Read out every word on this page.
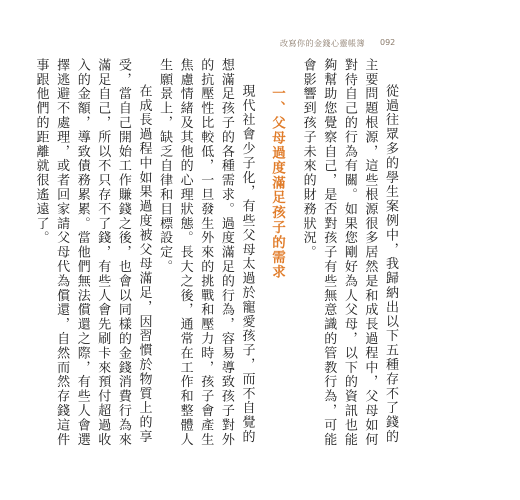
改寫你的金錢心靈帳簿 092

從過往眾多的學生案例中，我歸納出以下五種存不了錢的主要問題根源，這些根源很多居然是和成長過程中，父母如何對待自己的行為有關。如果您剛好為人父母，以下的資訊也能夠幫助您覺察自己，是否對孩子有些無意識的管教行為，可能會影響到孩子未來的財務狀況。

一、父母過度滿足孩子的需求

現代社會少子化，有些父母太過於寵愛孩子，而不自覺的想滿足孩子的各種需求。過度滿足的行為，容易導致孩子對外的抗壓性比較低，一旦發生外來的挑戰和壓力時，孩子會產生焦慮情緒及其他的心理狀態。長大之後，通常在工作和整體人生願景上，缺乏自律和目標設定。

在成長過程中如果過度被父母滿足，因習慣於物質上的享受，當自己開始工作賺錢之後，也會以同樣的金錢消費行為來滿足自己，所以不只存不了錢，有些人會先刷卡來預付超過收入的金額，導致債務累累。當他們無法償還之際，有些人會選擇逃避不處理，或者回家請父母代為償還，自然而然存錢這件事跟他們的距離就很遙遠了。
